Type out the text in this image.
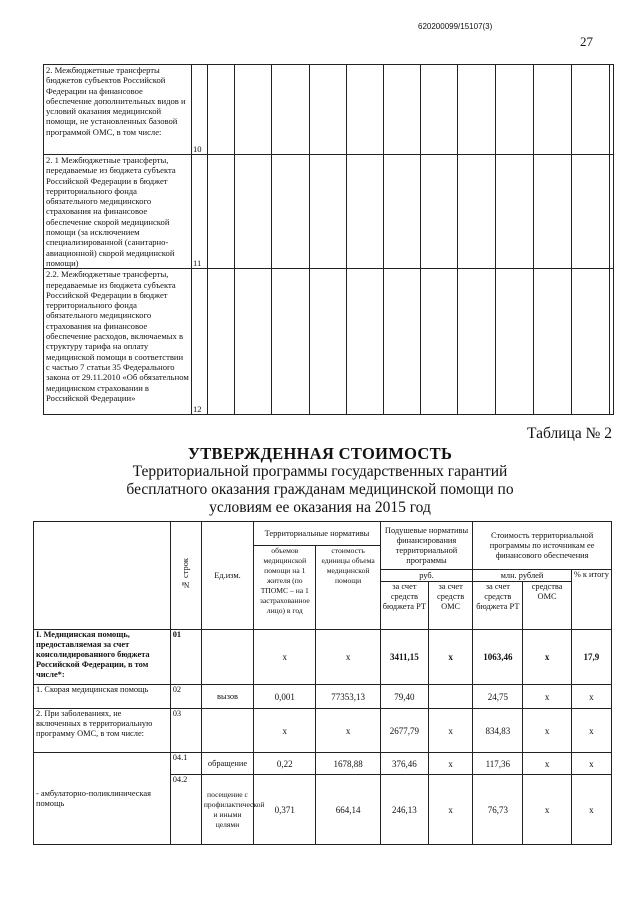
620200099/15107(3)
27
2. Межбюджетные трансферты бюджетов субъектов Российской Федерации на финансовое обеспечение дополнительных видов и условий оказания медицинской помощи, не установленных базовой программой ОМС, в том числе:	10												
2. 1 Межбюджетные трансферты, передаваемые из бюджета субъекта Российской Федерации в бюджет территориального фонда обязательного медицинского страхования на финансовое обеспечение скорой медицинской помощи (за исключением специализированной (санитарно-авиационной) скорой медицинской помощи)	11												
2.2. Межбюджетные трансферты, передаваемые из бюджета субъекта Российской Федерации в бюджет территориального фонда обязательного медицинского страхования на финансовое обеспечение расходов, включаемых в структуру тарифа на оплату медицинской помощи в соответствии с частью 7 статьи 35 Федерального закона от 29.11.2010 «Об обязательном медицинском страховании в Российской Федерации»	12												
Таблица № 2
УТВЕРЖДЕННАЯ СТОИМОСТЬ
Территориальной программы государственных гарантий
бесплатного оказания гражданам медицинской помощи по
условиям ее оказания на 2015 год
	№ строк	Ед.изм.	Территориальные нормативы		Подушевые нормативы финансирования территориальной программы		Стоимость территориальной программы по источникам ее финансового обеспечения		
			объемов медицинской помощи на 1 жителя (по ТПОМС – на 1 застрахованное лицо) в год	стоимость единицы объема медицинской помощи					
					руб.		млн. рублей		% к итогу
					за счет средств бюджета РТ	за счет средств ОМС	за счет средств бюджета РТ	средства ОМС	
I. Медицинская помощь, предоставляемая за счет консолидированного бюджета Российской Федерации, в том числе*:	01		х	х	3411,15	х	1063,46	х	17,9
1. Скорая медицинская помощь	02	вызов	0,001	77353,13	79,40		24,75	х	х
2. При заболеваниях, не включенных в территориальную программу ОМС, в том числе:	03		х	х	2677,79	х	834,83	х	х
- амбулаторно-поликлиническая помощь	04.1	обращение	0,22	1678,88	376,46	х	117,36	х	х
	04.2	посещение с профилактической и иными целями	0,371	664,14	246,13	х	76,73	х	х
